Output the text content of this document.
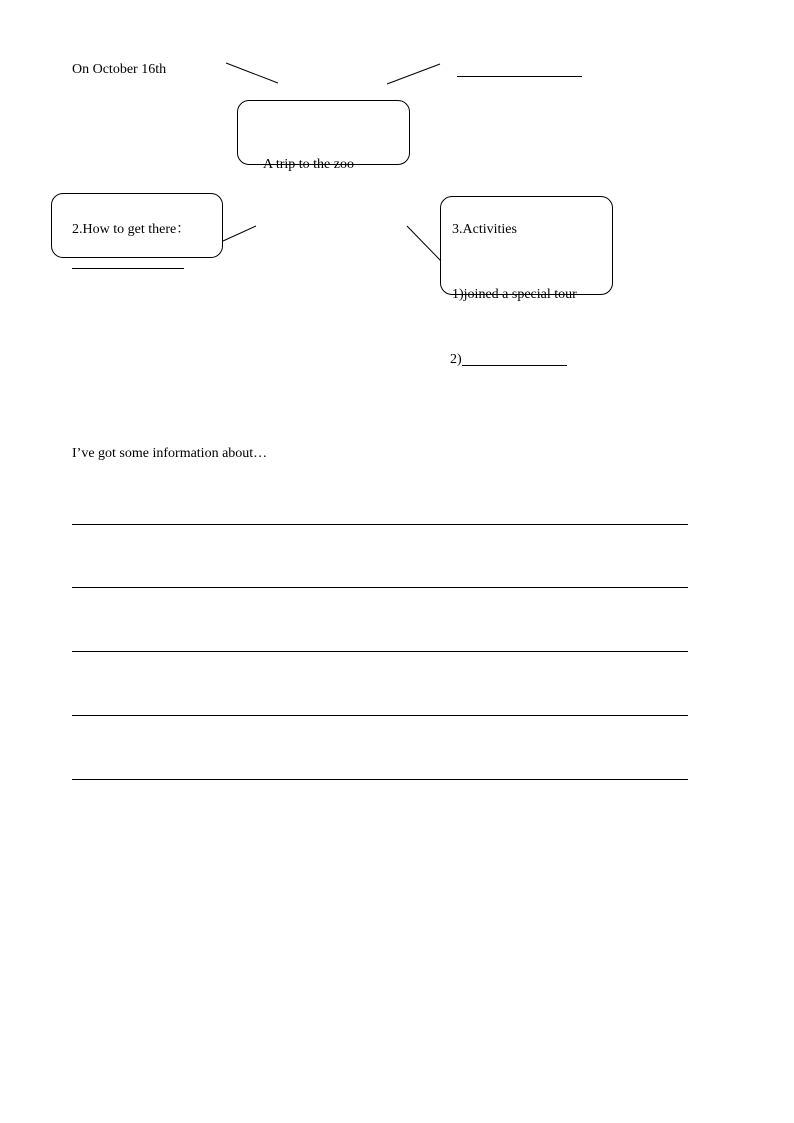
On October 16th
A trip to the zoo
2.How to get there：	3.Activities
1)joined a special tour
2)
I’ve got some information about…
